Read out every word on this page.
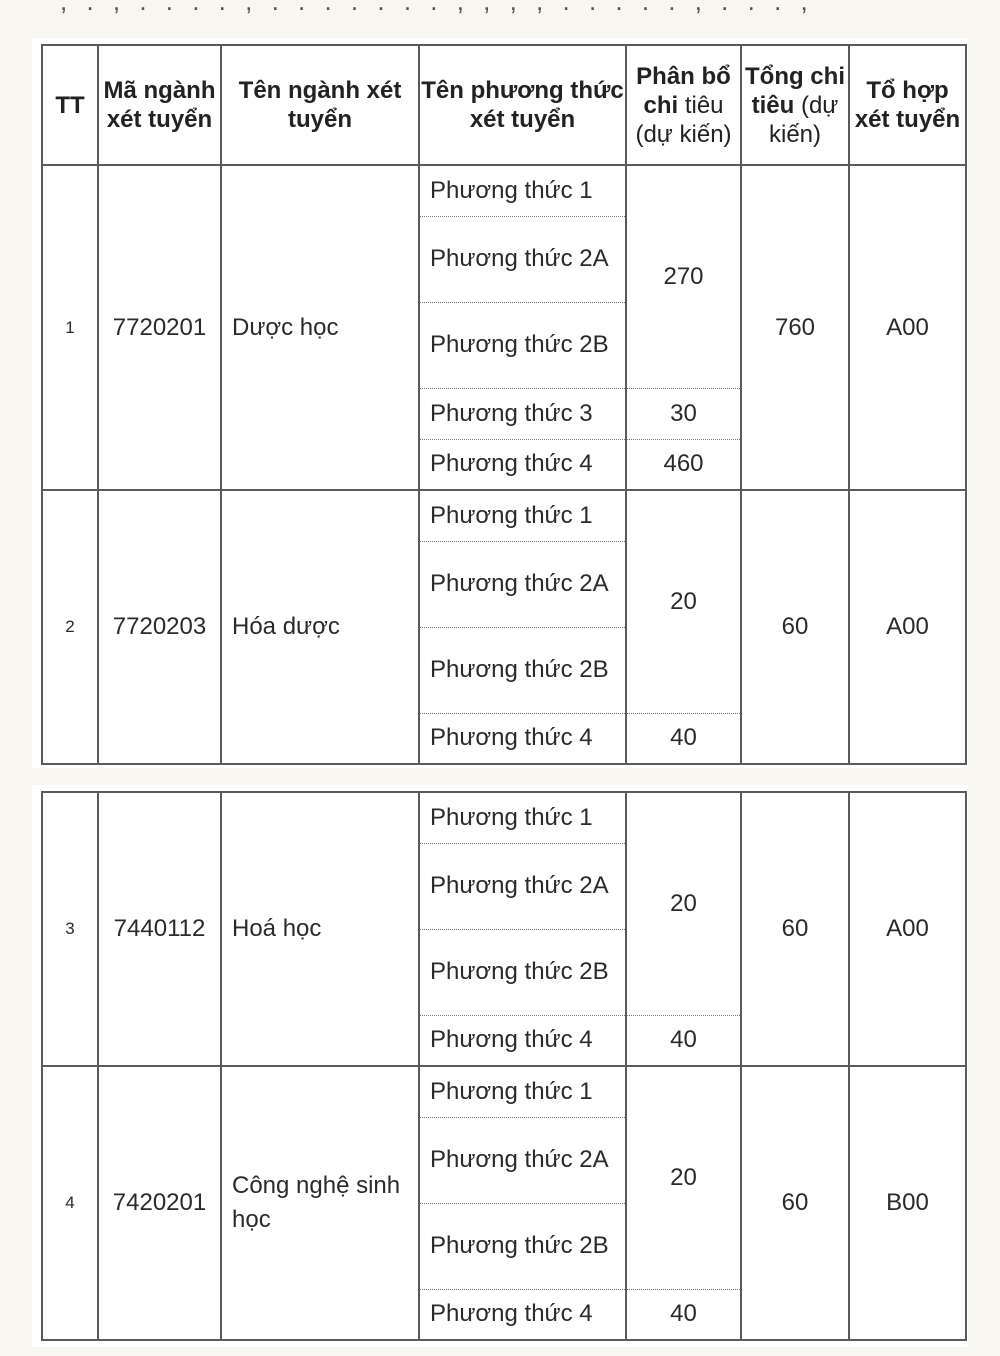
, . , . . . . , . . . . . . . , , , , . . . . . , . . . ,
TT	Mã ngành xét tuyển	Tên ngành xét tuyển	Tên phương thức xét tuyển	Phân bổ chi tiêu (dự kiến)	Tổng chi tiêu (dự kiến)	Tổ hợp xét tuyển
1	7720201	Dược học	Phương thức 1	270	760	A00
			Phương thức 2A			
			Phương thức 2B			
			Phương thức 3	30		
			Phương thức 4	460		
2	7720203	Hóa dược	Phương thức 1	20	60	A00
			Phương thức 2A			
			Phương thức 2B			
			Phương thức 4	40		
3	7440112	Hoá học	Phương thức 1	20	60	A00
			Phương thức 2A			
			Phương thức 2B			
			Phương thức 4	40		
4	7420201	Công nghệ sinh học	Phương thức 1	20	60	B00
			Phương thức 2A			
			Phương thức 2B			
			Phương thức 4	40		
